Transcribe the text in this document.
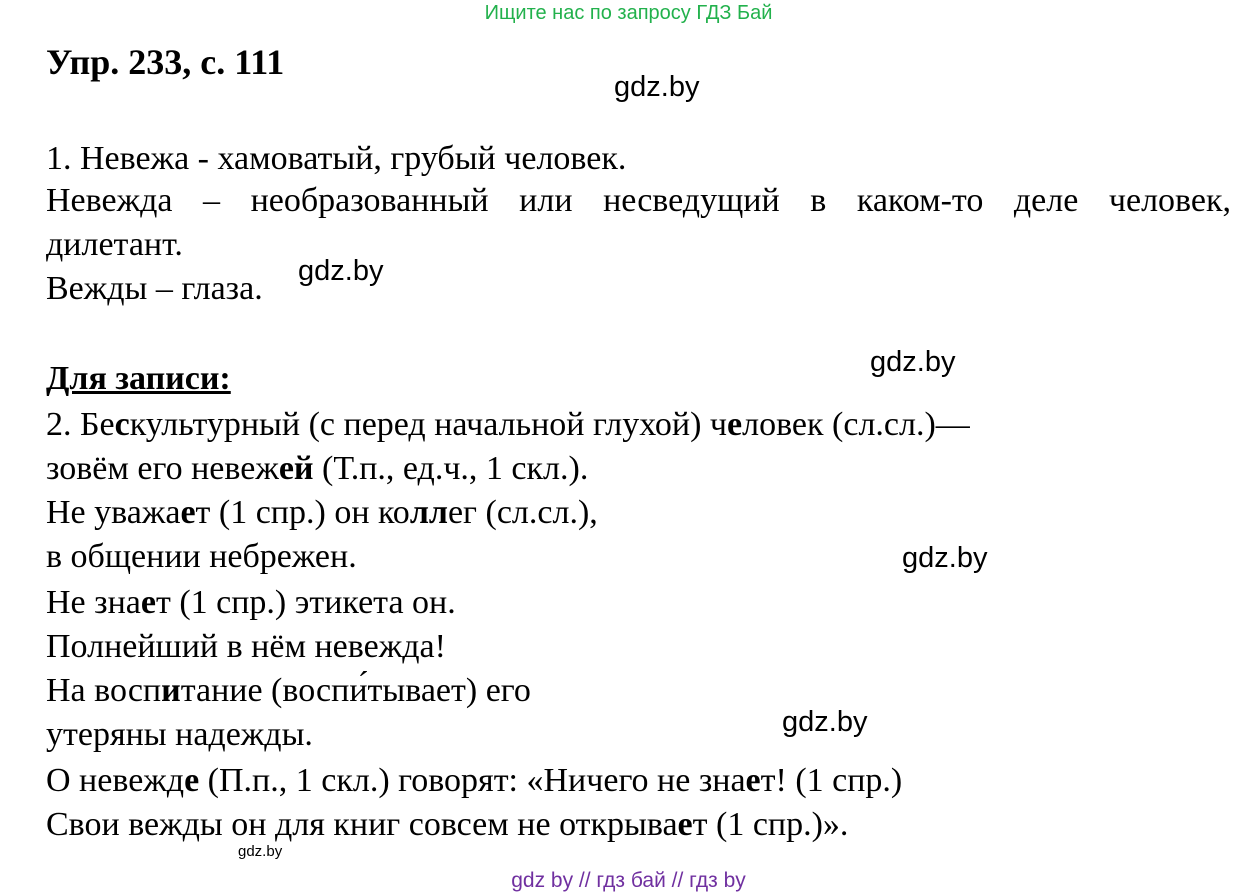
Ищите нас по запросу ГДЗ Бай
Упр. 233, с. 111
gdz.by
1. Невежа - хамоватый, грубый человек.
Невежда – необразованный или несведущий в каком-то деле человек,
дилетант.
Вежды – глаза. gdz.by
gdz.by
Для записи:
2. Бескультурный (с перед начальной глухой) человек (сл.сл.)—
зовём его невежей (Т.п., ед.ч., 1 скл.).
Не уважает (1 спр.) он коллег (сл.сл.),
в общении небрежен.	gdz.by
Не знает (1 спр.) этикета он.
Полнейший в нём невежда!
На воспитание (воспи́тывает) его
gdz.by
утеряны надежды.
О невежде (П.п., 1 скл.) говорят: «Ничего не знает! (1 спр.)
Свои вежды он для книг совсем не открывает (1 спр.)».
gdz.by
gdz by // гдз бай // гдз by
